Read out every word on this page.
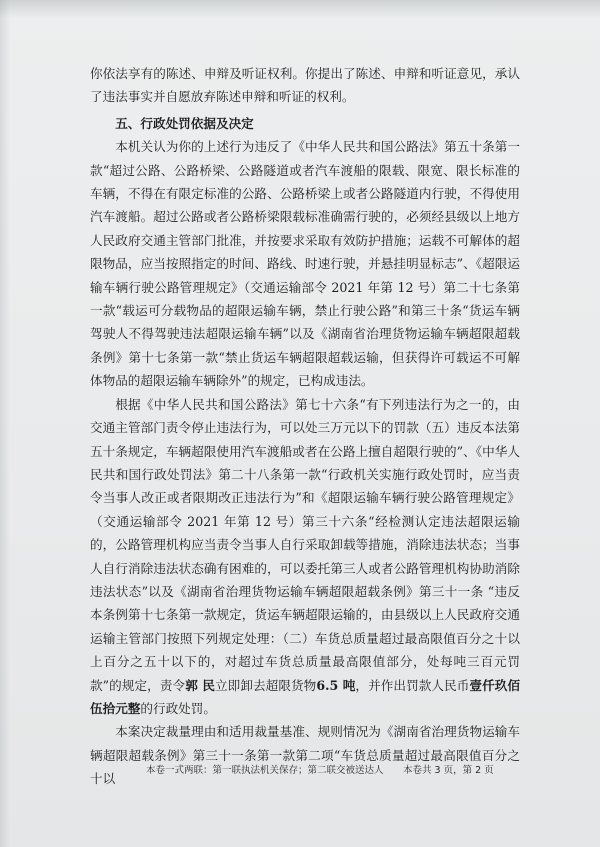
你依法享有的陈述、申辩及听证权利。你提出了陈述、申辩和听证意见，承认了违法事实并自愿放弃陈述申辩和听证的权利。

五、行政处罚依据及决定

本机关认为你的上述行为违反了《中华人民共和国公路法》第五十条第一款“超过公路、公路桥梁、公路隧道或者汽车渡船的限载、限宽、限长标准的车辆，不得在有限定标准的公路、公路桥梁上或者公路隧道内行驶，不得使用汽车渡船。超过公路或者公路桥梁限载标准确需行驶的，必须经县级以上地方人民政府交通主管部门批准，并按要求采取有效防护措施；运载不可解体的超限物品，应当按照指定的时间、路线、时速行驶，并悬挂明显标志”、《超限运输车辆行驶公路管理规定》（交通运输部令 2021 年第 12 号）第二十七条第一款“载运可分载物品的超限运输车辆，禁止行驶公路”和第三十条“货运车辆驾驶人不得驾驶违法超限运输车辆”以及《湖南省治理货物运输车辆超限超载条例》第十七条第一款“禁止货运车辆超限超载运输，但获得许可载运不可解体物品的超限运输车辆除外”的规定，已构成违法。

根据《中华人民共和国公路法》第七十六条“有下列违法行为之一的，由交通主管部门责令停止违法行为，可以处三万元以下的罚款（五）违反本法第五十条规定，车辆超限使用汽车渡船或者在公路上擅自超限行驶的”、《中华人民共和国行政处罚法》第二十八条第一款“行政机关实施行政处罚时，应当责令当事人改正或者限期改正违法行为”和《超限运输车辆行驶公路管理规定》（交通运输部令 2021 年第 12 号）第三十六条“经检测认定违法超限运输的，公路管理机构应当责令当事人自行采取卸载等措施，消除违法状态；当事人自行消除违法状态确有困难的，可以委托第三人或者公路管理机构协助消除违法状态”以及《湖南省治理货物运输车辆超限超载条例》第三十一条 “违反本条例第十七条第一款规定，货运车辆超限运输的，由县级以上人民政府交通运输主管部门按照下列规定处理：（二）车货总质量超过最高限值百分之十以上百分之五十以下的，对超过车货总质量最高限值部分，处每吨三百元罚款”的规定，责令郭 民立即卸去超限货物6.5 吨，并作出罚款人民币壹仟玖佰伍拾元整的行政处罚。

本案决定裁量理由和适用裁量基准、规则情况为《湖南省治理货物运输车辆超限超载条例》第三十一条第一款第二项“车货总质量超过最高限值百分之十以

本卷一式两联：第一联执法机关保存；第二联交被送达人 本卷共 3 页，第 2 页
